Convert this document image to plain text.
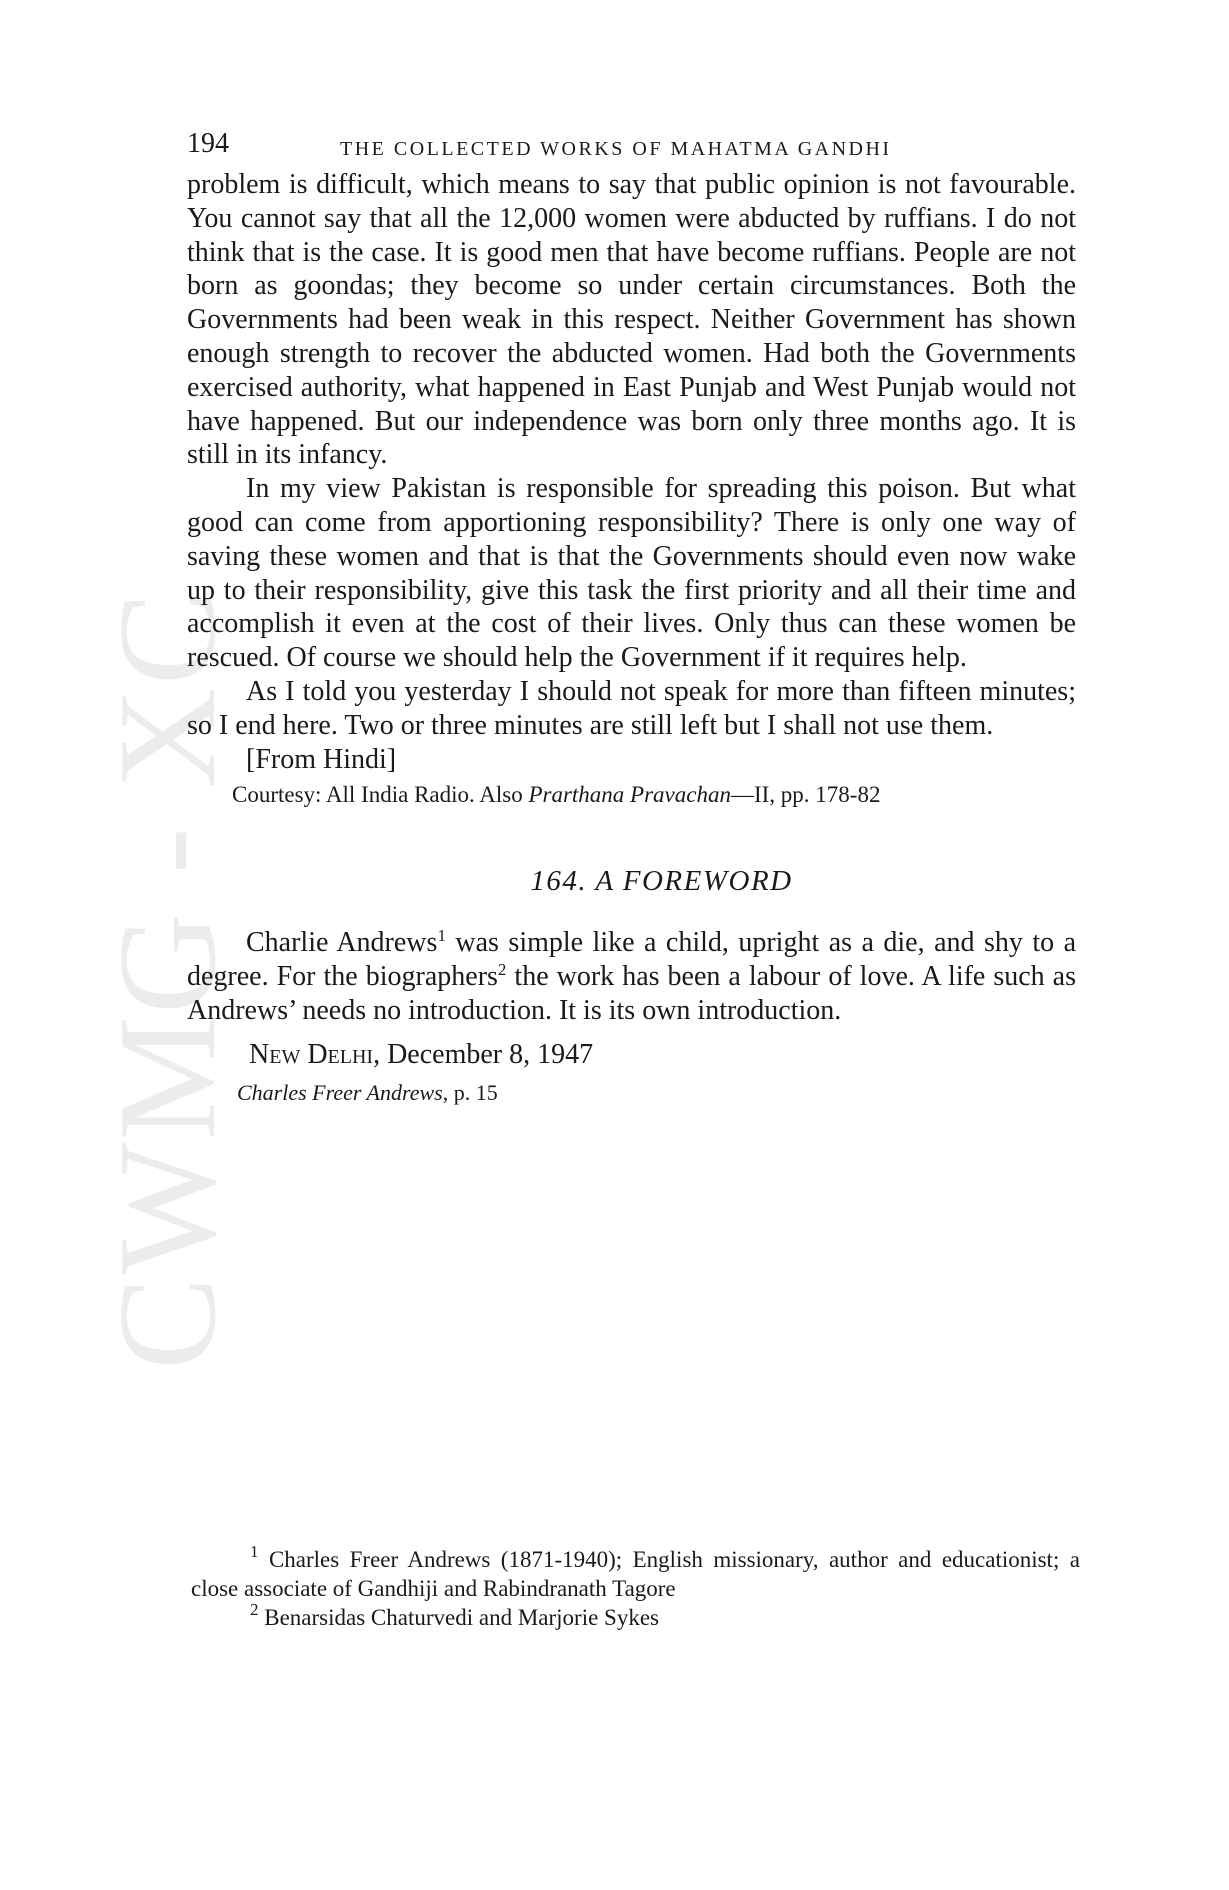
CWMG - XC
194	THE COLLECTED WORKS OF MAHATMA GANDHI

problem is difficult, which means to say that public opinion is not favourable. You cannot say that all the 12,000 women were abducted by ruffians. I do not think that is the case. It is good men that have become ruffians. People are not born as goondas; they become so under certain circumstances. Both the Governments had been weak in this respect. Neither Government has shown enough strength to recover the abducted women. Had both the Governments exercised authority, what happened in East Punjab and West Punjab would not have happened. But our independence was born only three months ago. It is still in its infancy.

In my view Pakistan is responsible for spreading this poison. But what good can come from apportioning responsibility? There is only one way of saving these women and that is that the Governments should even now wake up to their responsibility, give this task the first priority and all their time and accomplish it even at the cost of their lives. Only thus can these women be rescued. Of course we should help the Government if it requires help.

As I told you yesterday I should not speak for more than fifteen minutes; so I end here. Two or three minutes are still left but I shall not use them.

[From Hindi]
Courtesy: All India Radio. Also Prarthana Pravachan—II, pp. 178-82
164. A FOREWORD

Charlie Andrews$^1$ was simple like a child, upright as a die, and shy to a degree. For the biographers$^2$ the work has been a labour of love. A life such as Andrews’ needs no introduction. It is its own introduction.

New Delhi, December 8, 1947
Charles Freer Andrews, p. 15
$^1$ Charles Freer Andrews (1871-1940); English missionary, author and educationist; a close associate of Gandhiji and Rabindranath Tagore
$^2$ Benarsidas Chaturvedi and Marjorie Sykes
